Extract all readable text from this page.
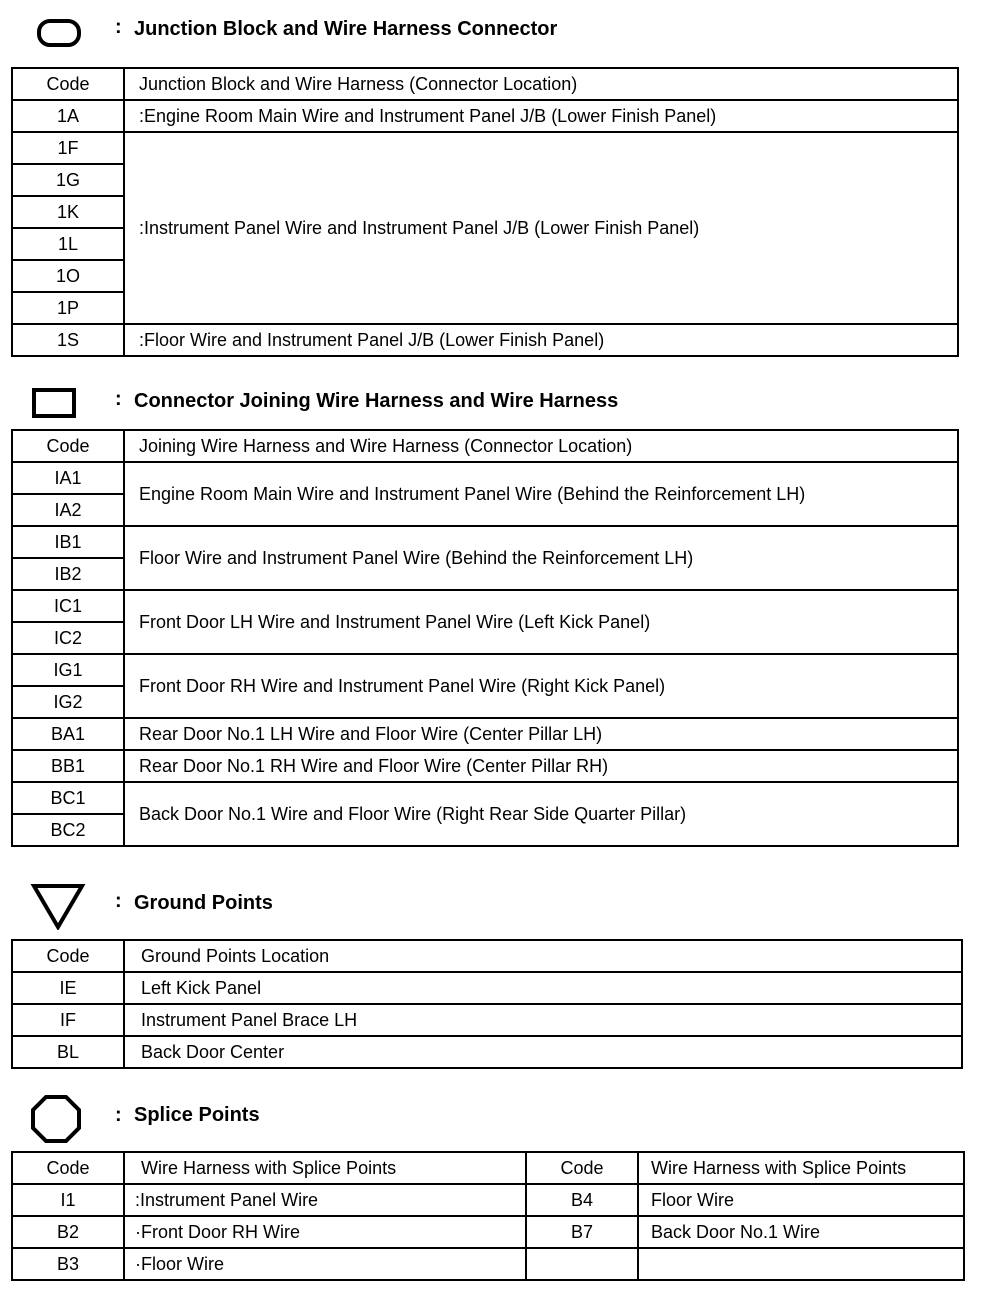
: Junction Block and Wire Harness Connector
Code	Junction Block and Wire Harness (Connector Location)
1A	:Engine Room Main Wire and Instrument Panel J/B (Lower Finish Panel)
1F	:Instrument Panel Wire and Instrument Panel J/B (Lower Finish Panel)
1G	
1K	
1L	
1O	
1P	
1S	:Floor Wire and Instrument Panel J/B (Lower Finish Panel)
: Connector Joining Wire Harness and Wire Harness
Code	Joining Wire Harness and Wire Harness (Connector Location)
IA1	Engine Room Main Wire and Instrument Panel Wire (Behind the Reinforcement LH)
IA2	
IB1	Floor Wire and Instrument Panel Wire (Behind the Reinforcement LH)
IB2	
IC1	Front Door LH Wire and Instrument Panel Wire (Left Kick Panel)
IC2	
IG1	Front Door RH Wire and Instrument Panel Wire (Right Kick Panel)
IG2	
BA1	Rear Door No.1 LH Wire and Floor Wire (Center Pillar LH)
BB1	Rear Door No.1 RH Wire and Floor Wire (Center Pillar RH)
BC1	Back Door No.1 Wire and Floor Wire (Right Rear Side Quarter Pillar)
BC2	
: Ground Points
Code	Ground Points Location
IE	Left Kick Panel
IF	Instrument Panel Brace LH
BL	Back Door Center
: Splice Points
Code	Wire Harness with Splice Points	Code	Wire Harness with Splice Points
I1	:Instrument Panel Wire	B4	Floor Wire
B2	·Front Door RH Wire	B7	Back Door No.1 Wire
B3	·Floor Wire		
